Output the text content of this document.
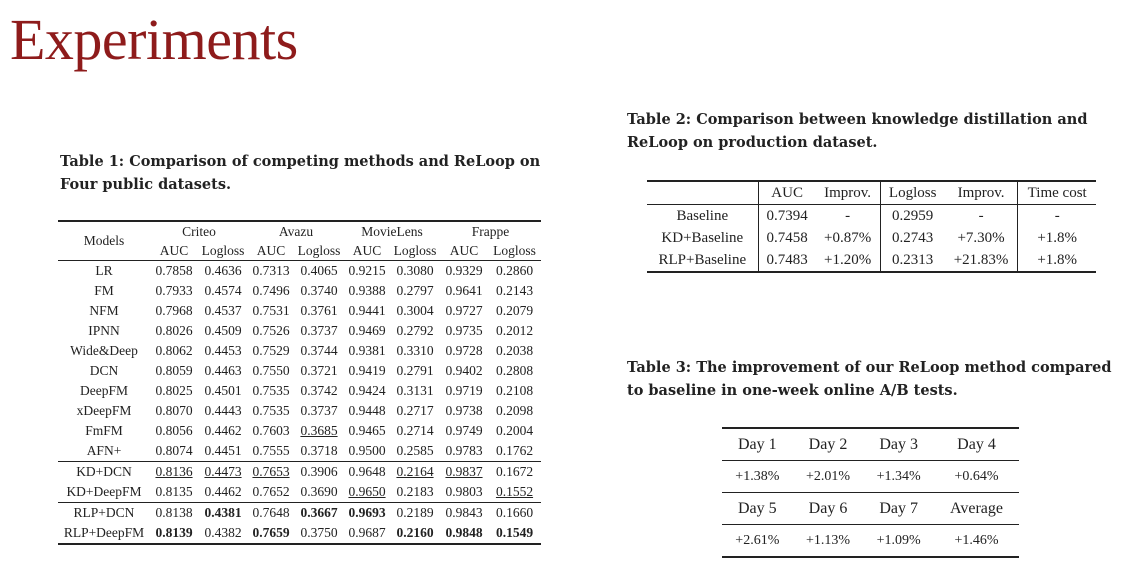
Experiments
Table 1: Comparison of competing methods and ReLoop on Four public datasets.
Models	Criteo		Avazu		MovieLens		Frappe	
	AUC	Logloss	AUC	Logloss	AUC	Logloss	AUC	Logloss
LR	0.7858	0.4636	0.7313	0.4065	0.9215	0.3080	0.9329	0.2860
FM	0.7933	0.4574	0.7496	0.3740	0.9388	0.2797	0.9641	0.2143
NFM	0.7968	0.4537	0.7531	0.3761	0.9441	0.3004	0.9727	0.2079
IPNN	0.8026	0.4509	0.7526	0.3737	0.9469	0.2792	0.9735	0.2012
Wide&Deep	0.8062	0.4453	0.7529	0.3744	0.9381	0.3310	0.9728	0.2038
DCN	0.8059	0.4463	0.7550	0.3721	0.9419	0.2791	0.9402	0.2808
DeepFM	0.8025	0.4501	0.7535	0.3742	0.9424	0.3131	0.9719	0.2108
xDeepFM	0.8070	0.4443	0.7535	0.3737	0.9448	0.2717	0.9738	0.2098
FmFM	0.8056	0.4462	0.7603	0.3685	0.9465	0.2714	0.9749	0.2004
AFN+	0.8074	0.4451	0.7555	0.3718	0.9500	0.2585	0.9783	0.1762
KD+DCN	0.8136	0.4473	0.7653	0.3906	0.9648	0.2164	0.9837	0.1672
KD+DeepFM	0.8135	0.4462	0.7652	0.3690	0.9650	0.2183	0.9803	0.1552
RLP+DCN	0.8138	0.4381	0.7648	0.3667	0.9693	0.2189	0.9843	0.1660
RLP+DeepFM	0.8139	0.4382	0.7659	0.3750	0.9687	0.2160	0.9848	0.1549
Table 2: Comparison between knowledge distillation and ReLoop on production dataset.
	AUC	Improv.	Logloss	Improv.	Time cost
Baseline	0.7394	-	0.2959	-	-
KD+Baseline	0.7458	+0.87%	0.2743	+7.30%	+1.8%
RLP+Baseline	0.7483	+1.20%	0.2313	+21.83%	+1.8%
Table 3: The improvement of our ReLoop method compared to baseline in one-week online A/B tests.
Day 1	Day 2	Day 3	Day 4
+1.38%	+2.01%	+1.34%	+0.64%
Day 5	Day 6	Day 7	Average
+2.61%	+1.13%	+1.09%	+1.46%
